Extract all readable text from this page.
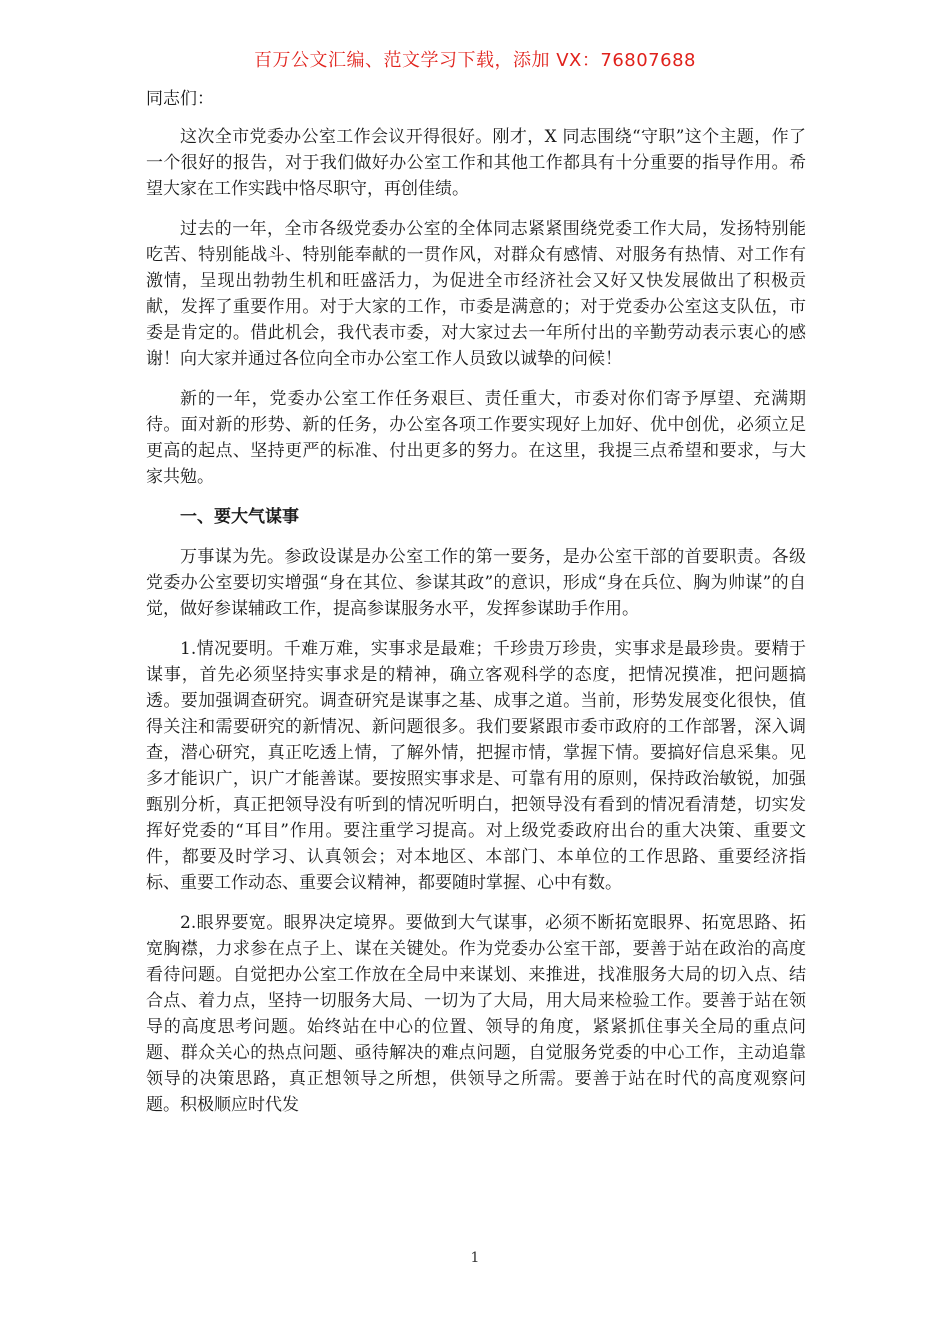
百万公文汇编、范文学习下载，添加 VX：76807688

同志们：

这次全市党委办公室工作会议开得很好。刚才，X 同志围绕“守职”这个主题，作了一个很好的报告，对于我们做好办公室工作和其他工作都具有十分重要的指导作用。希望大家在工作实践中恪尽职守，再创佳绩。

过去的一年，全市各级党委办公室的全体同志紧紧围绕党委工作大局，发扬特别能吃苦、特别能战斗、特别能奉献的一贯作风，对群众有感情、对服务有热情、对工作有激情，呈现出勃勃生机和旺盛活力，为促进全市经济社会又好又快发展做出了积极贡献，发挥了重要作用。对于大家的工作，市委是满意的；对于党委办公室这支队伍，市委是肯定的。借此机会，我代表市委，对大家过去一年所付出的辛勤劳动表示衷心的感谢！向大家并通过各位向全市办公室工作人员致以诚挚的问候！

新的一年，党委办公室工作任务艰巨、责任重大，市委对你们寄予厚望、充满期待。面对新的形势、新的任务，办公室各项工作要实现好上加好、优中创优，必须立足更高的起点、坚持更严的标准、付出更多的努力。在这里，我提三点希望和要求，与大家共勉。

一、要大气谋事

万事谋为先。参政设谋是办公室工作的第一要务，是办公室干部的首要职责。各级党委办公室要切实增强“身在其位、参谋其政”的意识，形成“身在兵位、胸为帅谋”的自觉，做好参谋辅政工作，提高参谋服务水平，发挥参谋助手作用。

1.情况要明。千难万难，实事求是最难；千珍贵万珍贵，实事求是最珍贵。要精于谋事，首先必须坚持实事求是的精神，确立客观科学的态度，把情况摸准，把问题搞透。要加强调查研究。调查研究是谋事之基、成事之道。当前，形势发展变化很快，值得关注和需要研究的新情况、新问题很多。我们要紧跟市委市政府的工作部署，深入调查，潜心研究，真正吃透上情，了解外情，把握市情，掌握下情。要搞好信息采集。见多才能识广，识广才能善谋。要按照实事求是、可靠有用的原则，保持政治敏锐，加强甄别分析，真正把领导没有听到的情况听明白，把领导没有看到的情况看清楚，切实发挥好党委的“耳目”作用。要注重学习提高。对上级党委政府出台的重大决策、重要文件，都要及时学习、认真领会；对本地区、本部门、本单位的工作思路、重要经济指标、重要工作动态、重要会议精神，都要随时掌握、心中有数。

2.眼界要宽。眼界决定境界。要做到大气谋事，必须不断拓宽眼界、拓宽思路、拓宽胸襟，力求参在点子上、谋在关键处。作为党委办公室干部，要善于站在政治的高度看待问题。自觉把办公室工作放在全局中来谋划、来推进，找准服务大局的切入点、结合点、着力点，坚持一切服务大局、一切为了大局，用大局来检验工作。要善于站在领导的高度思考问题。始终站在中心的位置、领导的角度，紧紧抓住事关全局的重点问题、群众关心的热点问题、亟待解决的难点问题，自觉服务党委的中心工作，主动追靠领导的决策思路，真正想领导之所想，供领导之所需。要善于站在时代的高度观察问题。积极顺应时代发

1
